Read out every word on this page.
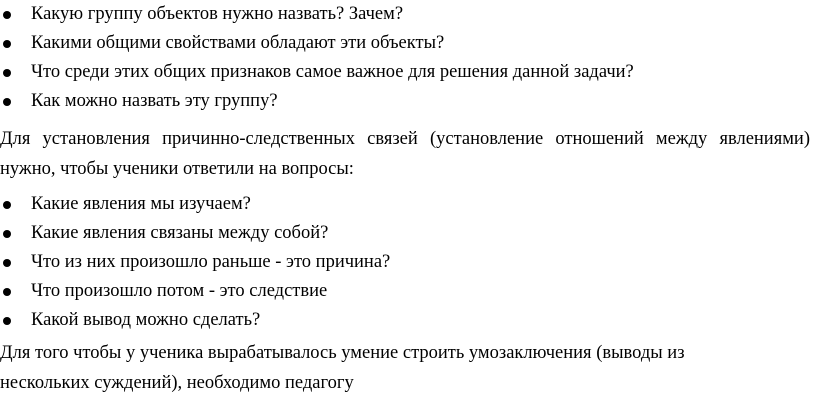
Какую группу объектов нужно назвать? Зачем?
Какими общими свойствами обладают эти объекты?
Что среди этих общих признаков самое важное для решения данной задачи?
Как можно назвать эту группу?

Для установления причинно-следственных связей (установление отношений между явлениями)
нужно, чтобы ученики ответили на вопросы:

Какие явления мы изучаем?
Какие явления связаны между собой?
Что из них произошло раньше - это причина?
Что произошло потом - это следствие
Какой вывод можно сделать?

Для того чтобы у ученика вырабатывалось умение строить умозаключения (выводы из
нескольких суждений), необходимо педагогу
